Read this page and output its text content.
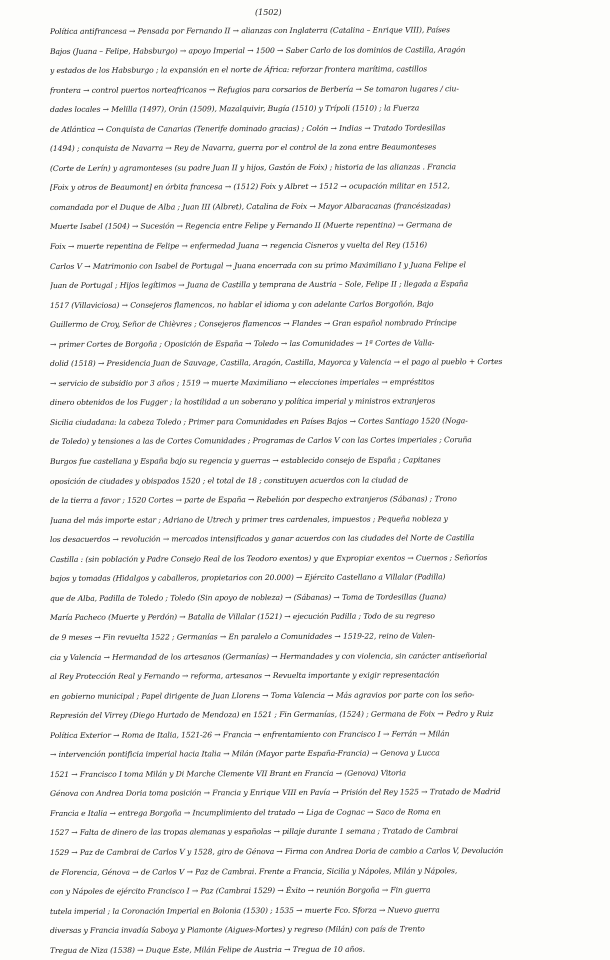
(1502)
Política antifrancesa → Pensada por Fernando II → alianzas con Inglaterra (Catalina – Enrique VIII), Países
Bajos (Juana – Felipe, Habsburgo) → apoyo Imperial → 1500 → Saber Carlo de los dominios de Castilla, Aragón
y estados de los Habsburgo ; la expansión en el norte de África: reforzar frontera marítima, castillos
frontera → control puertos norteafricanos → Refugios para corsarios de Berbería → Se tomaron lugares / ciu-
dades locales → Melilla (1497), Orán (1509), Mazalquivir, Bugía (1510) y Trípoli (1510) ; la Fuerza
de Atlántica → Conquista de Canarias (Tenerife dominado gracias) ; Colón → Indias → Tratado Tordesillas
(1494) ; conquista de Navarra → Rey de Navarra, guerra por el control de la zona entre Beaumonteses
(Corte de Lerín) y agramonteses (su padre Juan II y hijos, Gastón de Foix) ; historia de las alianzas . Francia
[Foix y otros de Beaumont] en órbita francesa → (1512) Foix y Albret → 1512 → ocupación militar en 1512,
comandada por el Duque de Alba ; Juan III (Albret), Catalina de Foix → Mayor Albaracanas (francésizadas)
Muerte Isabel (1504) → Sucesión → Regencia entre Felipe y Fernando II (Muerte repentina) → Germana de
Foix → muerte repentina de Felipe → enfermedad Juana → regencia Cisneros y vuelta del Rey (1516)
Carlos V → Matrimonio con Isabel de Portugal → Juana encerrada con su primo Maximiliano I y Juana Felipe el
Juan de Portugal ; Hijos legítimos → Juana de Castilla y temprana de Austria – Sole, Felipe II ; llegada a España
1517 (Villaviciosa) → Consejeros flamencos, no hablar el idioma y con adelante Carlos Borgoñón, Bajo
Guillermo de Croy, Señor de Chièvres ; Consejeros flamencos → Flandes → Gran español nombrado Príncipe
→ primer Cortes de Borgoña ; Oposición de España → Toledo → las Comunidades → 1ª Cortes de Valla-
dolid (1518) → Presidencia Juan de Sauvage, Castilla, Aragón, Castilla, Mayorca y Valencia → el pago al pueblo + Cortes
→ servicio de subsidio por 3 años ; 1519 → muerte Maximiliano → elecciones imperiales → empréstitos
dinero obtenidos de los Fugger ; la hostilidad a un soberano y política imperial y ministros extranjeros
Sicilia ciudadana: la cabeza Toledo ; Primer para Comunidades en Países Bajos → Cortes Santiago 1520 (Noga-
de Toledo) y tensiones a las de Cortes Comunidades ; Programas de Carlos V con las Cortes imperiales ; Coruña
Burgos fue castellana y España bajo su regencia y guerras → establecido consejo de España ; Capitanes
oposición de ciudades y obispados 1520 ; el total de 18 ; constituyen acuerdos con la ciudad de
de la tierra a favor ; 1520 Cortes → parte de España → Rebelión por despecho extranjeros (Sábanas) ; Trono
Juana del más importe estar ; Adriano de Utrech y primer tres cardenales, impuestos ; Pequeña nobleza y
los desacuerdos → revolución → mercados intensificados y ganar acuerdos con las ciudades del Norte de Castilla
Castilla : (sin población y Padre Consejo Real de los Teodoro exentos) y que Expropiar exentos → Cuernos ; Señoríos
bajos y tomadas (Hidalgos y caballeros, propietarios con 20.000) → Ejército Castellano a Villalar (Padilla)
que de Alba, Padilla de Toledo ; Toledo (Sin apoyo de nobleza) → (Sábanas) → Toma de Tordesillas (Juana)
María Pacheco (Muerte y Perdón) → Batalla de Villalar (1521) → ejecución Padilla ; Todo de su regreso
de 9 meses → Fin revuelta 1522 ; Germanías → En paralelo a Comunidades → 1519-22, reino de Valen-
cia y Valencia → Hermandad de los artesanos (Germanías) → Hermandades y con violencia, sin carácter antiseñorial
al Rey Protección Real y Fernando → reforma, artesanos → Revuelta importante y exigir representación
en gobierno municipal ; Papel dirigente de Juan Llorens → Toma Valencia → Más agravios por parte con los seño-
Represión del Virrey (Diego Hurtado de Mendoza) en 1521 ; Fin Germanías, (1524) ; Germana de Foix → Pedro y Ruiz
Política Exterior → Roma de Italia, 1521-26 → Francia → enfrentamiento con Francisco I → Ferrán → Milán
→ intervención pontificia imperial hacia Italia → Milán (Mayor parte España-Francia) → Genova y Lucca
1521 → Francisco I toma Milán y Di Marche Clemente VII Brant en Francia → (Genova) Vitoria
Génova con Andrea Doria toma posición → Francia y Enrique VIII en Pavía → Prisión del Rey 1525 → Tratado de Madrid
Francia e Italia → entrega Borgoña → Incumplimiento del tratado → Liga de Cognac → Saco de Roma en
1527 → Falta de dinero de las tropas alemanas y españolas → pillaje durante 1 semana ; Tratado de Cambrai
1529 → Paz de Cambrai de Carlos V y 1528, giro de Génova → Firma con Andrea Doria de cambio a Carlos V, Devolución
de Florencia, Génova → de Carlos V → Paz de Cambrai. Frente a Francia, Sicilia y Nápoles, Milán y Nápoles,
con y Nápoles de ejército Francisco I → Paz (Cambrai 1529) → Éxito → reunión Borgoña → Fin guerra
tutela imperial ; la Coronación Imperial en Bolonia (1530) ; 1535 → muerte Fco. Sforza → Nuevo guerra
diversas y Francia invadía Saboya y Piamonte (Aigues-Mortes) y regreso (Milán) con país de Trento
Tregua de Niza (1538) → Duque Este, Milán Felipe de Austria → Tregua de 10 años.
